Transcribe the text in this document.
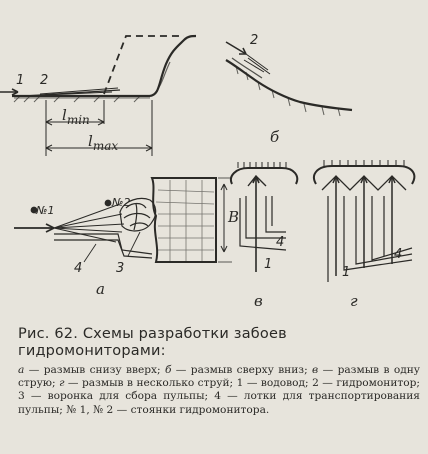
1 2
$l_{min}$
$l_{max}$
2
б
№1
№2
B
4	3
а
4
1
в
4
1
г
Рис. 62. Схемы разработки забоев гидромониторами:
а — размыв снизу вверх; б — размыв сверху вниз; в — размыв в одну струю; г — размыв в несколько струй; 1 — водовод; 2 — гидромонитор; 3 — воронка для сбора пульпы; 4 — лотки для транспортирования пульпы; № 1, № 2 — стоянки гидромонитора.
